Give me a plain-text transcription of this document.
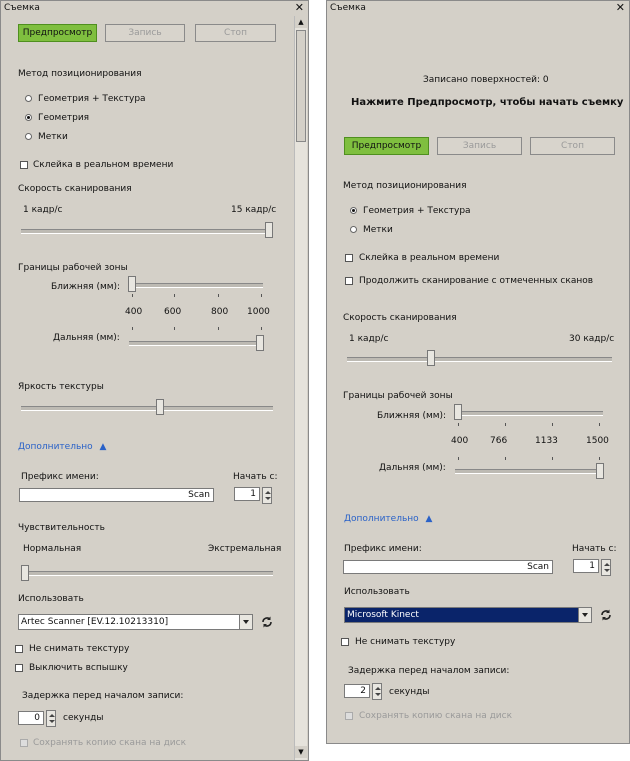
Съемка	✕
Предпросмотр	Запись	Стоп
Метод позиционирования
Геометрия + Текстура
Геометрия
Метки
Склейка в реальном времени
Скорость сканирования
1 кадр/с	15 кадр/с
Границы рабочей зоны
Ближняя (мм):
400 600	800 1000
Дальняя (мм):
Яркость текстуры
Дополнительно ▲
Префикс имени:	Начать с:
Scan	1
Чувствительность
Нормальная	Экстремальная
Использовать
Artec Scanner [EV.12.10213310]
Не снимать текстуру
Выключить вспышку
Задержка перед началом записи:
0	секунды
Сохранять копию скана на диск
▲
▼
Съемка	✕
Записано поверхностей: 0
Нажмите Предпросмотр, чтобы начать съемку
Предпросмотр	Запись	Стоп
Метод позиционирования
Геометрия + Текстура
Метки
Склейка в реальном времени
Продолжить сканирование с отмеченных сканов
Скорость сканирования
1 кадр/с	30 кадр/с
Границы рабочей зоны
Ближняя (мм):
400 766	1133	1500
Дальняя (мм):
Дополнительно ▲
Префикс имени:	Начать с:
Scan	1
Использовать
Microsoft Kinect
Не снимать текстуру
Задержка перед началом записи:
2	секунды
Сохранять копию скана на диск
